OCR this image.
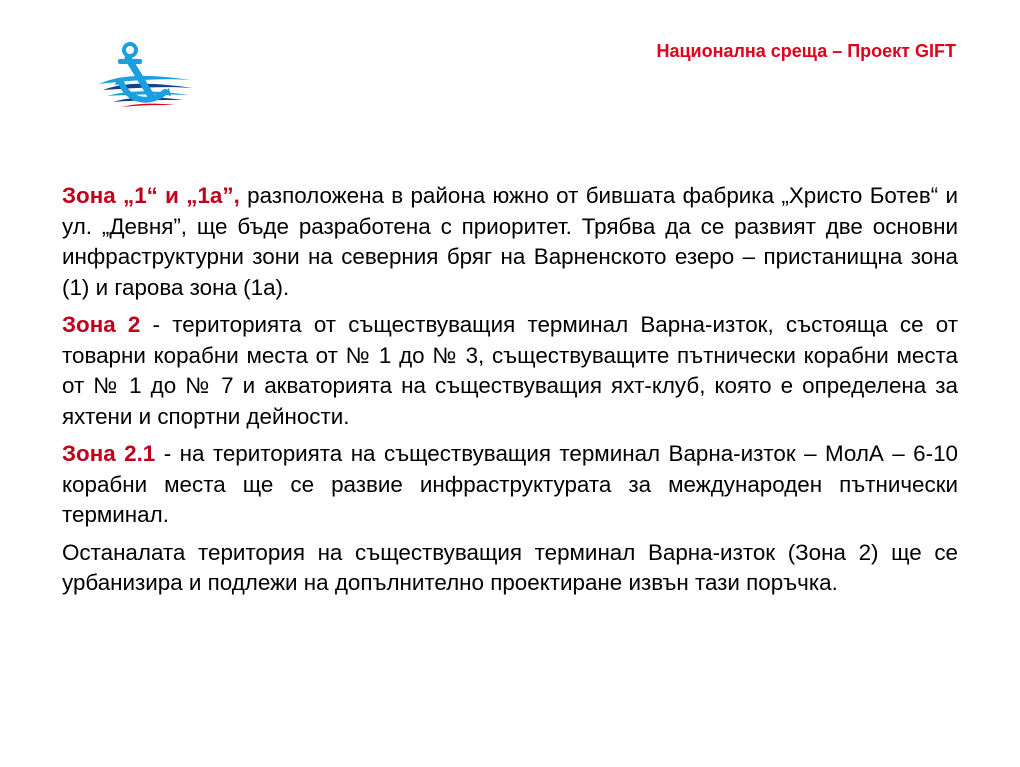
Национална среща – Проект GIFT

Зона „1“ и „1а”, разположена в района южно от бившата фабрика „Христо Ботев“ и ул. „Девня”, ще бъде разработена с приоритет. Трябва да се развият две основни инфраструктурни зони на северния бряг на Варненското езеро – пристанищна зона (1) и гарова зона (1а).

Зона 2 - територията от съществуващия терминал Варна-изток, състояща се от товарни корабни места от № 1 до № 3, съществуващите пътнически корабни места от № 1 до № 7 и акваторията на съществуващия яхт-клуб, която е определена за яхтени и спортни дейности.

Зона 2.1 - на територията на съществуващия терминал Варна-изток – МолА – 6-10 корабни места ще се развие инфраструктурата за международен пътнически терминал.

Останалата територия на съществуващия терминал Варна-изток (Зона 2) ще се урбанизира и подлежи на допълнително проектиране извън тази поръчка.
